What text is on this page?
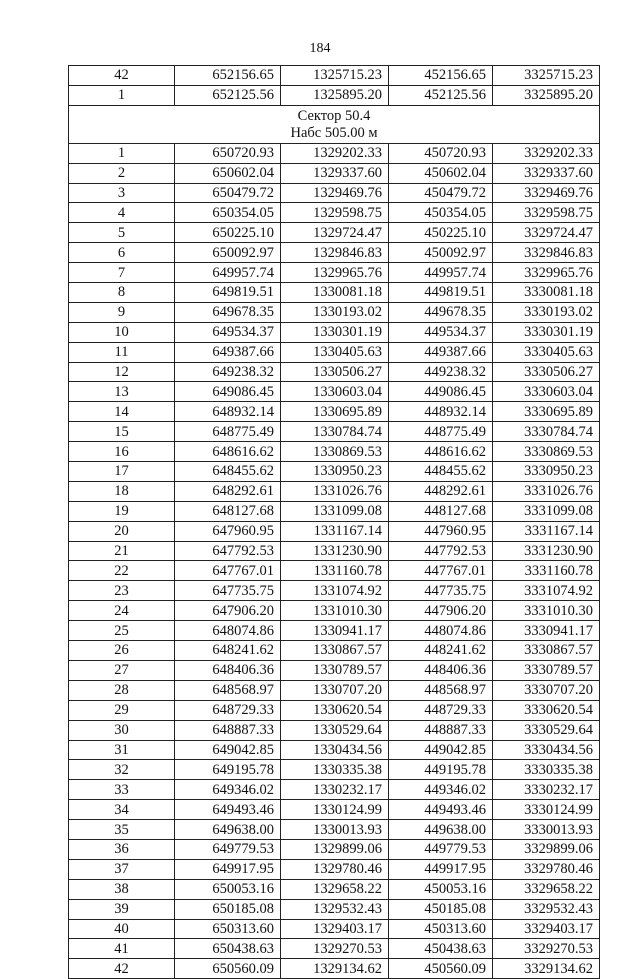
184
42	652156.65	1325715.23	452156.65	3325715.23
1	652125.56	1325895.20	452125.56	3325895.20

Сектор 50.4
Набс 505.00 м				

1	650720.93	1329202.33	450720.93	3329202.33
2	650602.04	1329337.60	450602.04	3329337.60
3	650479.72	1329469.76	450479.72	3329469.76
4	650354.05	1329598.75	450354.05	3329598.75
5	650225.10	1329724.47	450225.10	3329724.47
6	650092.97	1329846.83	450092.97	3329846.83
7	649957.74	1329965.76	449957.74	3329965.76
8	649819.51	1330081.18	449819.51	3330081.18
9	649678.35	1330193.02	449678.35	3330193.02
10	649534.37	1330301.19	449534.37	3330301.19
11	649387.66	1330405.63	449387.66	3330405.63
12	649238.32	1330506.27	449238.32	3330506.27
13	649086.45	1330603.04	449086.45	3330603.04
14	648932.14	1330695.89	448932.14	3330695.89
15	648775.49	1330784.74	448775.49	3330784.74
16	648616.62	1330869.53	448616.62	3330869.53
17	648455.62	1330950.23	448455.62	3330950.23
18	648292.61	1331026.76	448292.61	3331026.76
19	648127.68	1331099.08	448127.68	3331099.08
20	647960.95	1331167.14	447960.95	3331167.14
21	647792.53	1331230.90	447792.53	3331230.90
22	647767.01	1331160.78	447767.01	3331160.78
23	647735.75	1331074.92	447735.75	3331074.92
24	647906.20	1331010.30	447906.20	3331010.30
25	648074.86	1330941.17	448074.86	3330941.17
26	648241.62	1330867.57	448241.62	3330867.57
27	648406.36	1330789.57	448406.36	3330789.57
28	648568.97	1330707.20	448568.97	3330707.20
29	648729.33	1330620.54	448729.33	3330620.54
30	648887.33	1330529.64	448887.33	3330529.64
31	649042.85	1330434.56	449042.85	3330434.56
32	649195.78	1330335.38	449195.78	3330335.38
33	649346.02	1330232.17	449346.02	3330232.17
34	649493.46	1330124.99	449493.46	3330124.99
35	649638.00	1330013.93	449638.00	3330013.93
36	649779.53	1329899.06	449779.53	3329899.06
37	649917.95	1329780.46	449917.95	3329780.46
38	650053.16	1329658.22	450053.16	3329658.22
39	650185.08	1329532.43	450185.08	3329532.43
40	650313.60	1329403.17	450313.60	3329403.17
41	650438.63	1329270.53	450438.63	3329270.53
42	650560.09	1329134.62	450560.09	3329134.62
